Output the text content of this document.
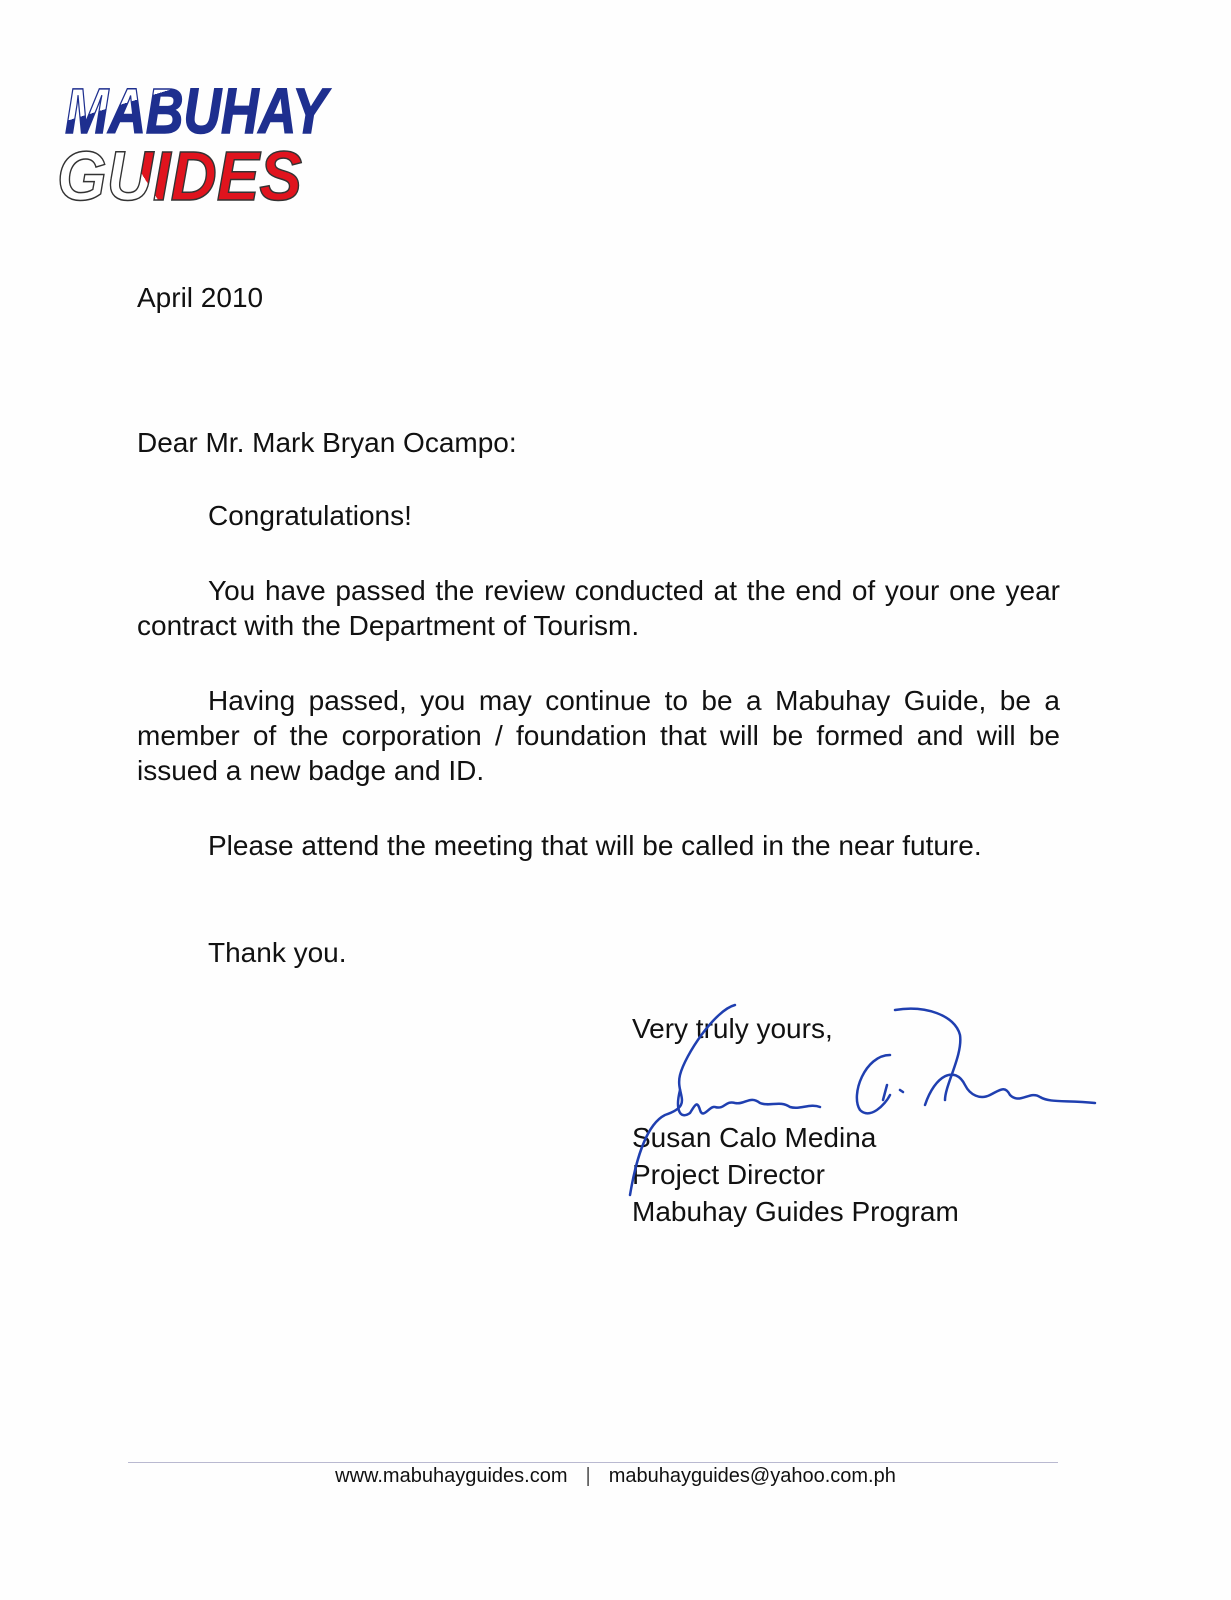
MABUHAY
GUIDES
April 2010
Dear Mr. Mark Bryan Ocampo:
Congratulations!
You have passed the review conducted at the end of your one year contract with the Department of Tourism.
Having passed, you may continue to be a Mabuhay Guide, be a member of the corporation / foundation that will be formed and will be issued a new badge and ID.
Please attend the meeting that will be called in the near future.
Thank you.
Very truly yours,
Susan Calo Medina
Project Director
Mabuhay Guides Program
www.mabuhayguides.com | mabuhayguides@yahoo.com.ph
